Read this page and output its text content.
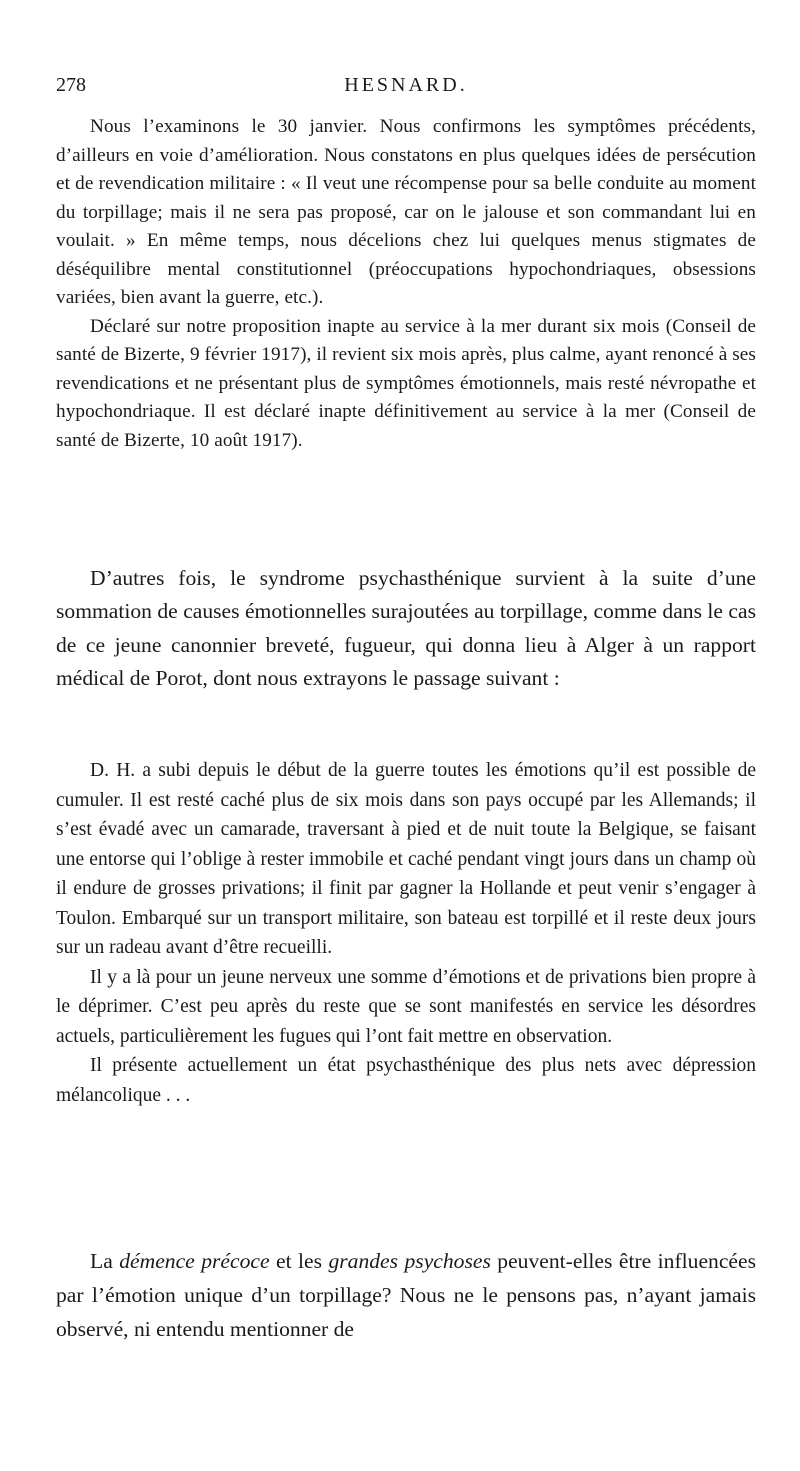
278	HESNARD.

Nous l’examinons le 30 janvier. Nous confirmons les symptômes précédents, d’ailleurs en voie d’amélioration. Nous constatons en plus quelques idées de persécution et de revendication militaire : « Il veut une récompense pour sa belle conduite au moment du torpillage; mais il ne sera pas proposé, car on le jalouse et son commandant lui en voulait. » En même temps, nous décelions chez lui quelques menus stigmates de déséquilibre mental constitutionnel (préoccupations hypochondriaques, obsessions variées, bien avant la guerre, etc.).

Déclaré sur notre proposition inapte au service à la mer durant six mois (Conseil de santé de Bizerte, 9 février 1917), il revient six mois après, plus calme, ayant renoncé à ses revendications et ne présentant plus de symptômes émotionnels, mais resté névropathe et hypochondriaque. Il est déclaré inapte définitivement au service à la mer (Conseil de santé de Bizerte, 10 août 1917).

D’autres fois, le syndrome psychasthénique survient à la suite d’une sommation de causes émotionnelles surajoutées au torpillage, comme dans le cas de ce jeune canonnier breveté, fugueur, qui donna lieu à Alger à un rapport médical de Porot, dont nous extrayons le passage suivant :

D. H. a subi depuis le début de la guerre toutes les émotions qu’il est possible de cumuler. Il est resté caché plus de six mois dans son pays occupé par les Allemands; il s’est évadé avec un camarade, traversant à pied et de nuit toute la Belgique, se faisant une entorse qui l’oblige à rester immobile et caché pendant vingt jours dans un champ où il endure de grosses privations; il finit par gagner la Hollande et peut venir s’engager à Toulon. Embarqué sur un transport militaire, son bateau est torpillé et il reste deux jours sur un radeau avant d’être recueilli.

Il y a là pour un jeune nerveux une somme d’émotions et de privations bien propre à le déprimer. C’est peu après du reste que se sont manifestés en service les désordres actuels, particulièrement les fugues qui l’ont fait mettre en observation.

Il présente actuellement un état psychasthénique des plus nets avec dépression mélancolique . . .

La démence précoce et les grandes psychoses peuvent-elles être influencées par l’émotion unique d’un torpillage? Nous ne le pensons pas, n’ayant jamais observé, ni entendu mentionner de
